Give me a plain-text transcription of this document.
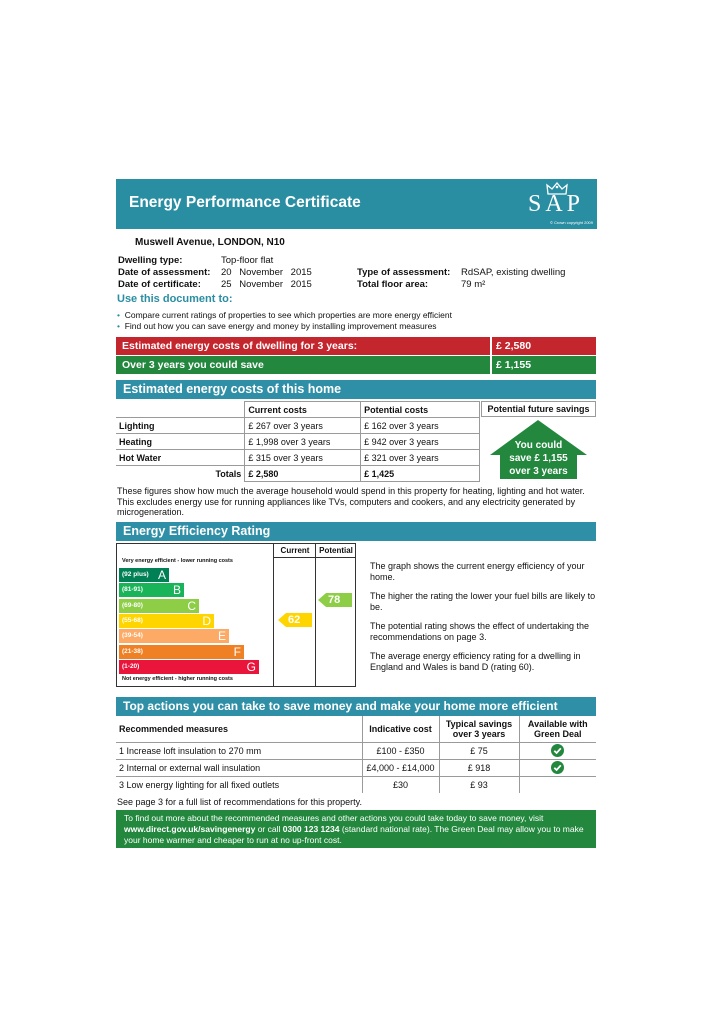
Energy Performance Certificate	SAP
© Crown copyright 2009
Muswell Avenue, LONDON, N10
Dwelling type:	Top-floor flat
Date of assessment: 20 November 2015
Date of certificate: 25 November 2015
Type of assessment: RdSAP, existing dwelling
Total floor area:	79 m²
Use this document to:
• Compare current ratings of properties to see which properties are more energy efficient
• Find out how you can save energy and money by installing improvement measures
Estimated energy costs of dwelling for 3 years:	£ 2,580
Over 3 years you could save	£ 1,155
Estimated energy costs of this home
	Current costs	Potential costs
Lighting	£ 267 over 3 years	£ 162 over 3 years
Heating	£ 1,998 over 3 years	£ 942 over 3 years
Hot Water	£ 315 over 3 years	£ 321 over 3 years
Totals	£ 2,580	£ 1,425
Potential future savings
You could
save £ 1,155
over 3 years
These figures show how much the average household would spend in this property for heating, lighting and hot water. This excludes energy use for running appliances like TVs, computers and cookers, and any electricity generated by microgeneration.
Energy Efficiency Rating
Current	Potential
Very energy efficient - lower running costs
(92 plus) A
(81-91)	B
(69-80)	C
(55-68)	D
(39-54)	E
(21-38)	F
(1-20)	G
Not energy efficient - higher running costs
62
78
The graph shows the current energy efficiency of your home.
The higher the rating the lower your fuel bills are likely to be.
The potential rating shows the effect of undertaking the recommendations on page 3.
The average energy efficiency rating for a dwelling in England and Wales is band D (rating 60).
Top actions you can take to save money and make your home more efficient
Recommended measures	Indicative cost	Typical savings over 3 years	Available with Green Deal
1 Increase loft insulation to 270 mm	£100 - £350	£ 75	
2 Internal or external wall insulation	£4,000 - £14,000	£ 918	
3 Low energy lighting for all fixed outlets	£30	£ 93	
See page 3 for a full list of recommendations for this property.
To find out more about the recommended measures and other actions you could take today to save money, visit www.direct.gov.uk/savingenergy or call 0300 123 1234 (standard national rate). The Green Deal may allow you to make your home warmer and cheaper to run at no up-front cost.
